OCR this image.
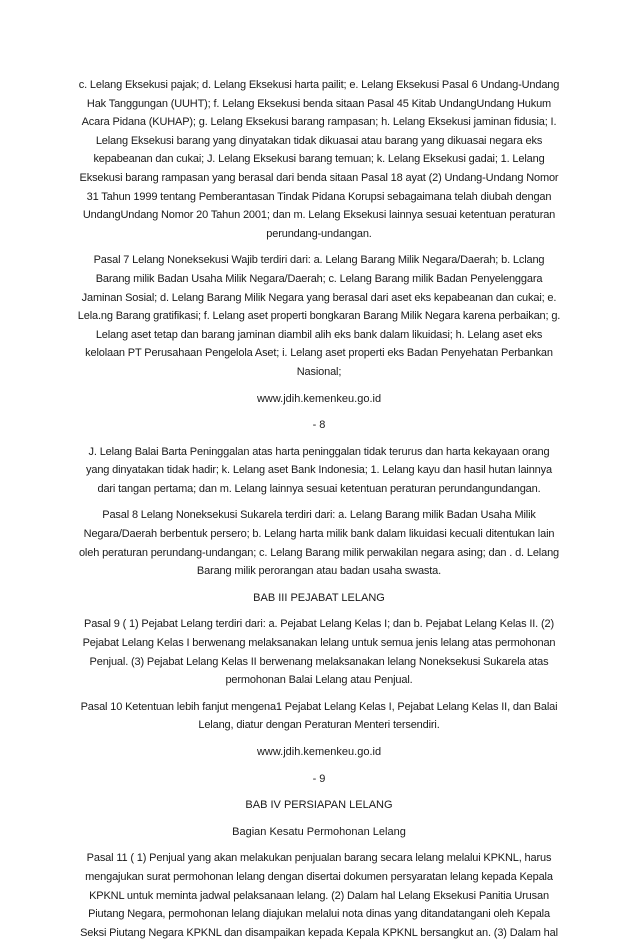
c. Lelang Eksekusi pajak; d. Lelang Eksekusi harta pailit; e. Lelang Eksekusi Pasal 6 Undang-Undang Hak Tanggungan (UUHT); f. Lelang Eksekusi benda sitaan Pasal 45 Kitab UndangUndang Hukum Acara Pidana (KUHAP); g. Lelang Eksekusi barang rampasan; h. Lelang Eksekusi jaminan fidusia; I. Lelang Eksekusi barang yang dinyatakan tidak dikuasai atau barang yang dikuasai negara eks kepabeanan dan cukai; J. Lelang Eksekusi barang temuan; k. Lelang Eksekusi gadai; 1. Lelang Eksekusi barang rampasan yang berasal dari benda sitaan Pasal 18 ayat (2) Undang-Undang Nomor 31 Tahun 1999 tentang Pemberantasan Tindak Pidana Korupsi sebagaimana telah diubah dengan UndangUndang Nomor 20 Tahun 2001; dan m. Lelang Eksekusi lainnya sesuai ketentuan peraturan perundang-undangan.

Pasal 7 Lelang Noneksekusi Wajib terdiri dari: a. Lelang Barang Milik Negara/Daerah; b. Lclang Barang milik Badan Usaha Milik Negara/Daerah; c. Lelang Barang milik Badan Penyelenggara Jaminan Sosial; d. Lelang Barang Milik Negara yang berasal dari aset eks kepabeanan dan cukai; e. Lela.ng Barang gratifikasi; f. Lelang aset properti bongkaran Barang Milik Negara karena perbaikan; g. Lelang aset tetap dan barang jaminan diambil alih eks bank dalam likuidasi; h. Lelang aset eks kelolaan PT Perusahaan Pengelola Aset; i. Lelang aset properti eks Badan Penyehatan Perbankan Nasional;

www.jdih.kemenkeu.go.id

- 8

J. Lelang Balai Barta Peninggalan atas harta peninggalan tidak terurus dan harta kekayaan orang yang dinyatakan tidak hadir; k. Lelang aset Bank Indonesia; 1. Lelang kayu dan hasil hutan lainnya dari tangan pertama; dan m. Lelang lainnya sesuai ketentuan peraturan perundangundangan.

Pasal 8 Lelang Noneksekusi Sukarela terdiri dari: a. Lelang Barang milik Badan Usaha Milik Negara/Daerah berbentuk persero; b. Lelang harta milik bank dalam likuidasi kecuali ditentukan lain oleh peraturan perundang-undangan; c. Lelang Barang milik perwakilan negara asing; dan . d. Lelang Barang milik perorangan atau badan usaha swasta.

BAB III PEJABAT LELANG

Pasal 9 ( 1) Pejabat Lelang terdiri dari: a. Pejabat Lelang Kelas I; dan b. Pejabat Lelang Kelas II. (2) Pejabat Lelang Kelas I berwenang melaksanakan lelang untuk semua jenis lelang atas permohonan Penjual. (3) Pejabat Lelang Kelas II berwenang melaksanakan lelang Noneksekusi Sukarela atas permohonan Balai Lelang atau Penjual.

Pasal 10 Ketentuan lebih fanjut mengena1 Pejabat Lelang Kelas I, Pejabat Lelang Kelas II, dan Balai Lelang, diatur dengan Peraturan Menteri tersendiri.

www.jdih.kemenkeu.go.id

- 9

BAB IV PERSIAPAN LELANG

Bagian Kesatu Permohonan Lelang

Pasal 11 ( 1) Penjual yang akan melakukan penjualan barang secara lelang melalui KPKNL, harus mengajukan surat permohonan lelang dengan disertai dokumen persyaratan lelang kepada Kepala KPKNL untuk meminta jadwal pelaksanaan lelang. (2) Dalam hal Lelang Eksekusi Panitia Urusan Piutang Negara, permohonan lelang diajukan melalui nota dinas yang ditandatangani oleh Kepala Seksi Piutang Negara KPKNL dan disampaikan kepada Kepala KPKNL bersangkut an. (3) Dalam hal
